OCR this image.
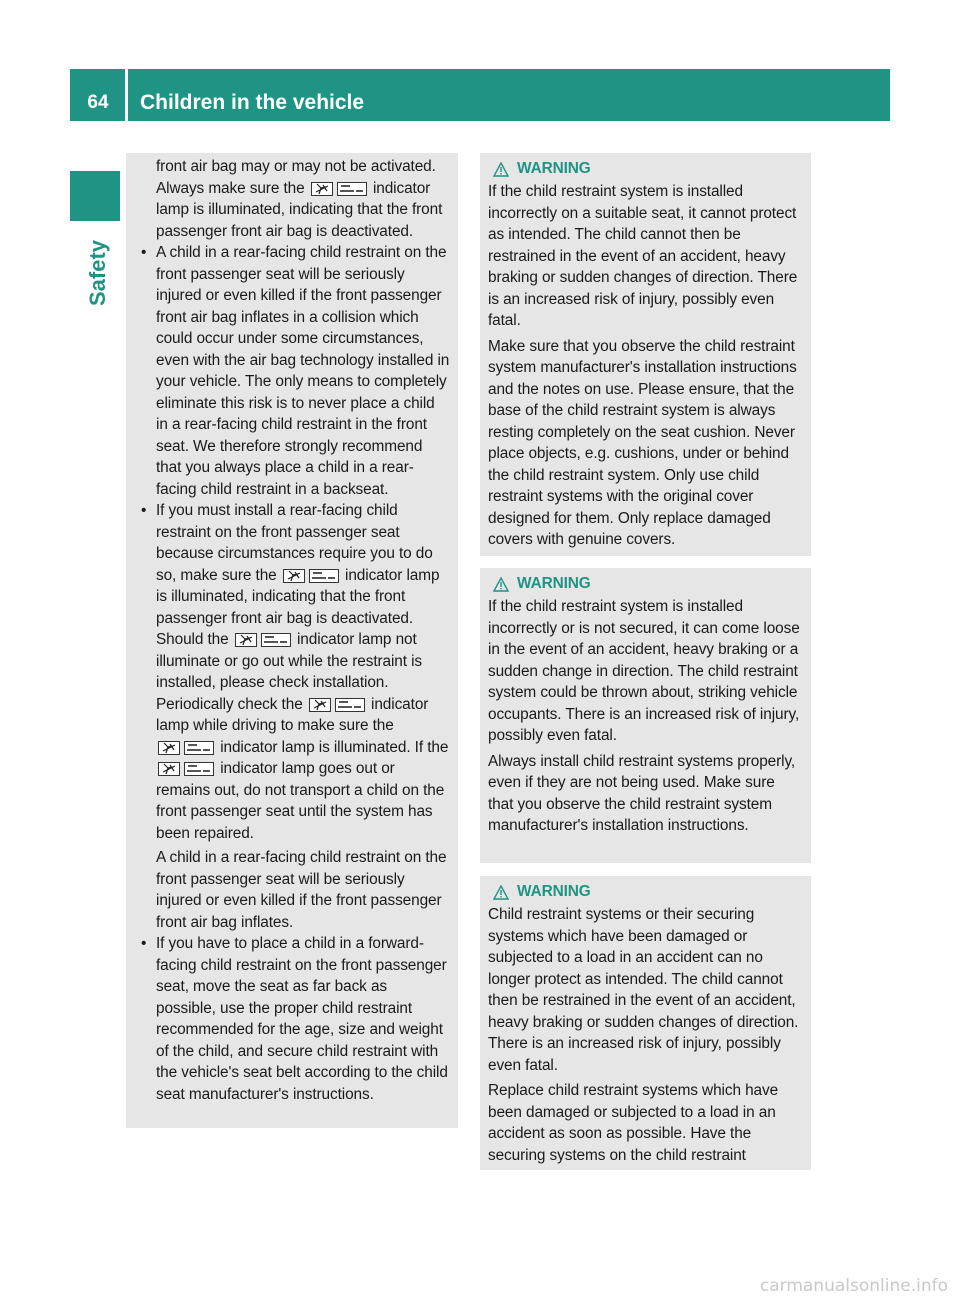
64	Children in the vehicle
Safety

front air bag may or may not be activated. Always make sure the	indicator lamp is illuminated, indicating that the front passenger front air bag is deactivated.

• A child in a rear-facing child restraint on the front passenger seat will be seriously injured or even killed if the front passenger front air bag inflates in a collision which could occur under some circumstances, even with the air bag technology installed in your vehicle. The only means to completely eliminate this risk is to never place a child in a rear-facing child restraint in the front seat. We therefore strongly recommend that you always place a child in a rear-facing child restraint in a backseat.

• If you must install a rear-facing child restraint on the front passenger seat because circumstances require you to do so, make sure the	indicator lamp is illuminated, indicating that the front passenger front air bag is deactivated. Should the	indicator lamp not illuminate or go out while the restraint is installed, please check installation. Periodically check the	indicator lamp while driving to make sure the
indicator lamp is illuminated. If the
indicator lamp goes out or remains out, do not transport a child on the front passenger seat until the system has been repaired.

A child in a rear-facing child restraint on the front passenger seat will be seriously injured or even killed if the front passenger front air bag inflates.

• If you have to place a child in a forward-facing child restraint on the front passenger seat, move the seat as far back as possible, use the proper child restraint recommended for the age, size and weight of the child, and secure child restraint with the vehicle's seat belt according to the child seat manufacturer's instructions.

WARNING

If the child restraint system is installed incorrectly on a suitable seat, it cannot protect as intended. The child cannot then be restrained in the event of an accident, heavy braking or sudden changes of direction. There is an increased risk of injury, possibly even fatal.

Make sure that you observe the child restraint system manufacturer's installation instructions and the notes on use. Please ensure, that the base of the child restraint system is always resting completely on the seat cushion. Never place objects, e.g. cushions, under or behind the child restraint system. Only use child restraint systems with the original cover designed for them. Only replace damaged covers with genuine covers.

WARNING

If the child restraint system is installed incorrectly or is not secured, it can come loose in the event of an accident, heavy braking or a sudden change in direction. The child restraint system could be thrown about, striking vehicle occupants. There is an increased risk of injury, possibly even fatal.

Always install child restraint systems properly, even if they are not being used. Make sure that you observe the child restraint system manufacturer's installation instructions.

WARNING

Child restraint systems or their securing systems which have been damaged or subjected to a load in an accident can no longer protect as intended. The child cannot then be restrained in the event of an accident, heavy braking or sudden changes of direction. There is an increased risk of injury, possibly even fatal.

Replace child restraint systems which have been damaged or subjected to a load in an accident as soon as possible. Have the securing systems on the child restraint

carmanualsonline.info
